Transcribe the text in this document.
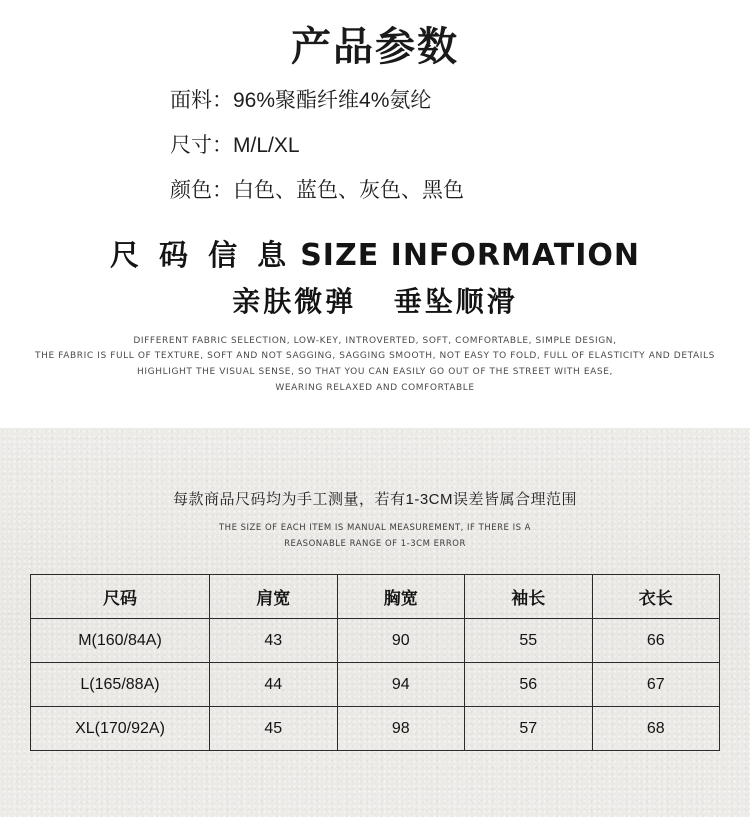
产品参数
面料：96%聚酯纤维4%氨纶
尺寸：M/L/XL
颜色：白色、蓝色、灰色、黑色
尺 码 信 息 SIZE INFORMATION
亲肤微弹 垂坠顺滑
DIFFERENT FABRIC SELECTION, LOW-KEY, INTROVERTED, SOFT, COMFORTABLE, SIMPLE DESIGN,
THE FABRIC IS FULL OF TEXTURE, SOFT AND NOT SAGGING, SAGGING SMOOTH, NOT EASY TO FOLD, FULL OF ELASTICITY AND DETAILS
HIGHLIGHT THE VISUAL SENSE, SO THAT YOU CAN EASILY GO OUT OF THE STREET WITH EASE,
WEARING RELAXED AND COMFORTABLE
每款商品尺码均为手工测量，若有1-3CM误差皆属合理范围
THE SIZE OF EACH ITEM IS MANUAL MEASUREMENT, IF THERE IS A
REASONABLE RANGE OF 1-3CM ERROR
尺码	肩宽	胸宽	袖长	衣长
M(160/84A)	43	90	55	66
L(165/88A)	44	94	56	67
XL(170/92A)	45	98	57	68
